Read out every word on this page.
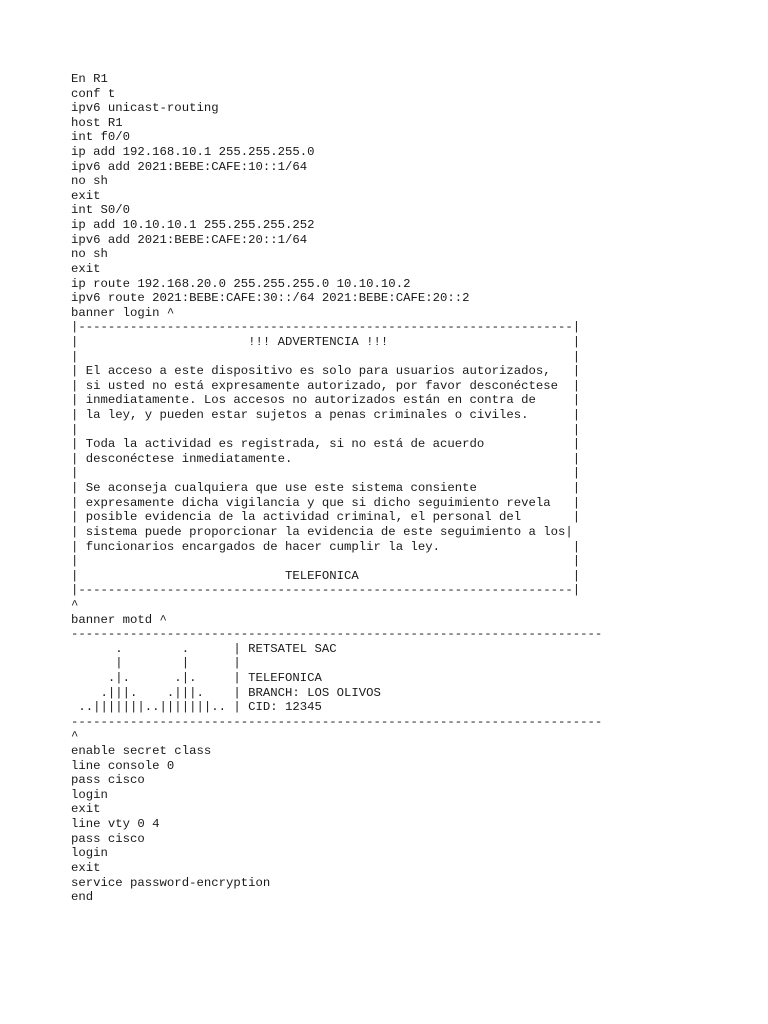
En R1
conf t
ipv6 unicast-routing
host R1
int f0/0
ip add 192.168.10.1 255.255.255.0
ipv6 add 2021:BEBE:CAFE:10::1/64
no sh
exit
int S0/0
ip add 10.10.10.1 255.255.255.252
ipv6 add 2021:BEBE:CAFE:20::1/64
no sh
exit
ip route 192.168.20.0 255.255.255.0 10.10.10.2
ipv6 route 2021:BEBE:CAFE:30::/64 2021:BEBE:CAFE:20::2
banner login ^
|-------------------------------------------------------------------|
|                       !!! ADVERTENCIA !!!                         |
|                                                                   |
| El acceso a este dispositivo es solo para usuarios autorizados,   |
| si usted no está expresamente autorizado, por favor desconéctese  |
| inmediatamente. Los accesos no autorizados están en contra de     |
| la ley, y pueden estar sujetos a penas criminales o civiles.      |
|                                                                   |
| Toda la actividad es registrada, si no está de acuerdo            |
| desconéctese inmediatamente.                                      |
|                                                                   |
| Se aconseja cualquiera que use este sistema consiente             |
| expresamente dicha vigilancia y que si dicho seguimiento revela   |
| posible evidencia de la actividad criminal, el personal del       |
| sistema puede proporcionar la evidencia de este seguimiento a los|
| funcionarios encargados de hacer cumplir la ley.                  |
|                                                                   |
|                            TELEFONICA                             |
|-------------------------------------------------------------------|
^
banner motd ^
------------------------------------------------------------------------
.        .      | RETSATEL SAC
|        |      |
.|.      .|.     | TELEFONICA
.|||.    .|||.    | BRANCH: LOS OLIVOS
..|||||||..|||||||.. | CID: 12345
------------------------------------------------------------------------
^
enable secret class
line console 0
pass cisco
login
exit
line vty 0 4
pass cisco
login
exit
service password-encryption
end
